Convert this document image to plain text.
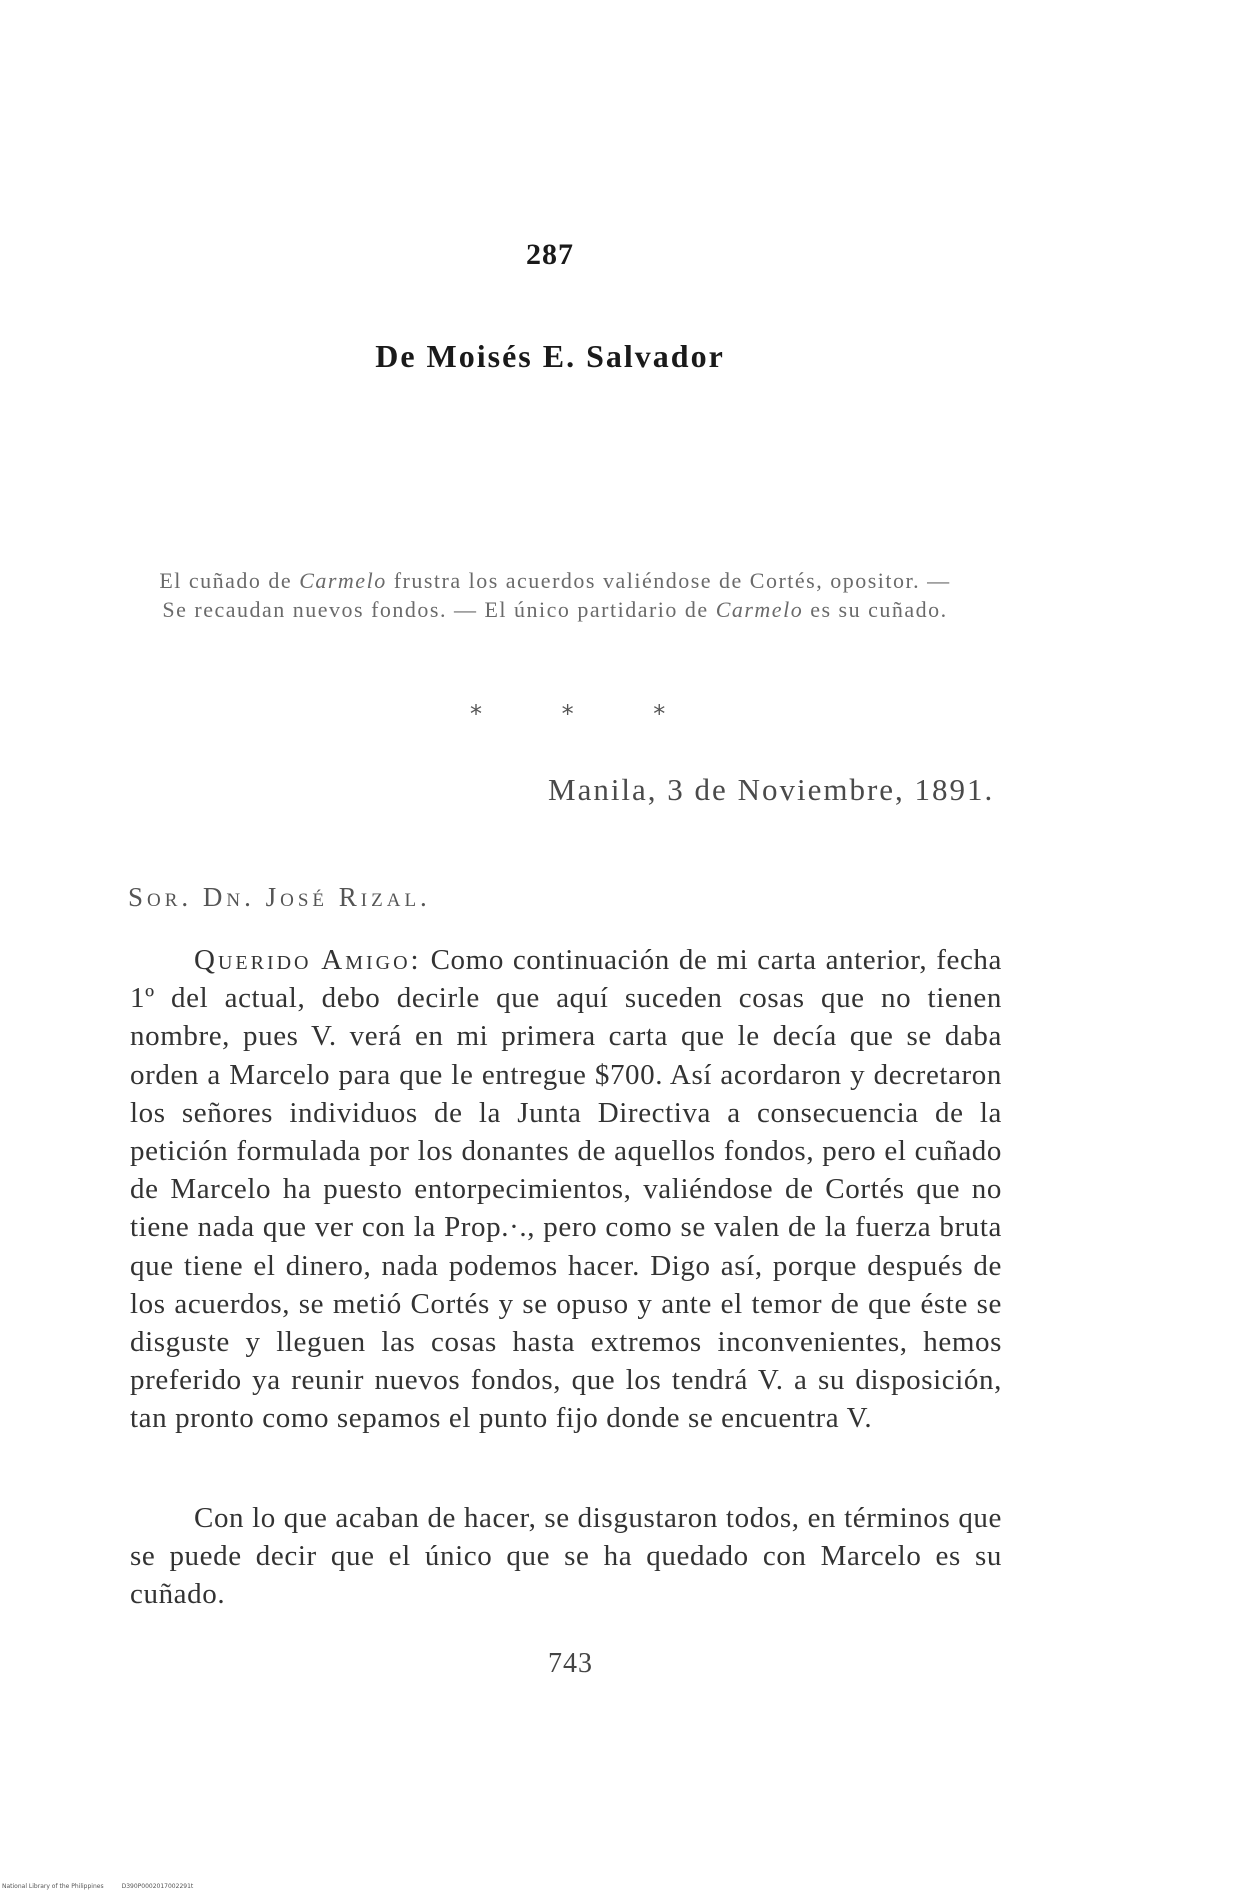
287
De Moisés E. Salvador
El cuñado de Carmelo frustra los acuerdos valiéndose de Cortés, opositor. — Se recaudan nuevos fondos. — El único partidario de Carmelo es su cuñado.
* * *
Manila, 3 de Noviembre, 1891.
Sor. Dn. José Rizal.
Querido Amigo: Como continuación de mi carta anterior, fecha 1º del actual, debo decirle que aquí suceden cosas que no tienen nombre, pues V. verá en mi primera carta que le decía que se daba orden a Marcelo para que le entregue $700. Así acordaron y decretaron los señores individuos de la Junta Directiva a consecuencia de la petición formulada por los donantes de aquellos fondos, pero el cuñado de Marcelo ha puesto entorpecimientos, valiéndose de Cortés que no tiene nada que ver con la Prop.·., pero como se valen de la fuerza bruta que tiene el dinero, nada podemos hacer. Digo así, porque después de los acuerdos, se metió Cortés y se opuso y ante el temor de que éste se disguste y lleguen las cosas hasta extremos inconvenientes, hemos preferido ya reunir nuevos fondos, que los tendrá V. a su disposición, tan pronto como sepamos el punto fijo donde se encuentra V.
Con lo que acaban de hacer, se disgustaron todos, en términos que se puede decir que el único que se ha quedado con Marcelo es su cuñado.
743
National Library of the Philippines	D390P0002017002291t
